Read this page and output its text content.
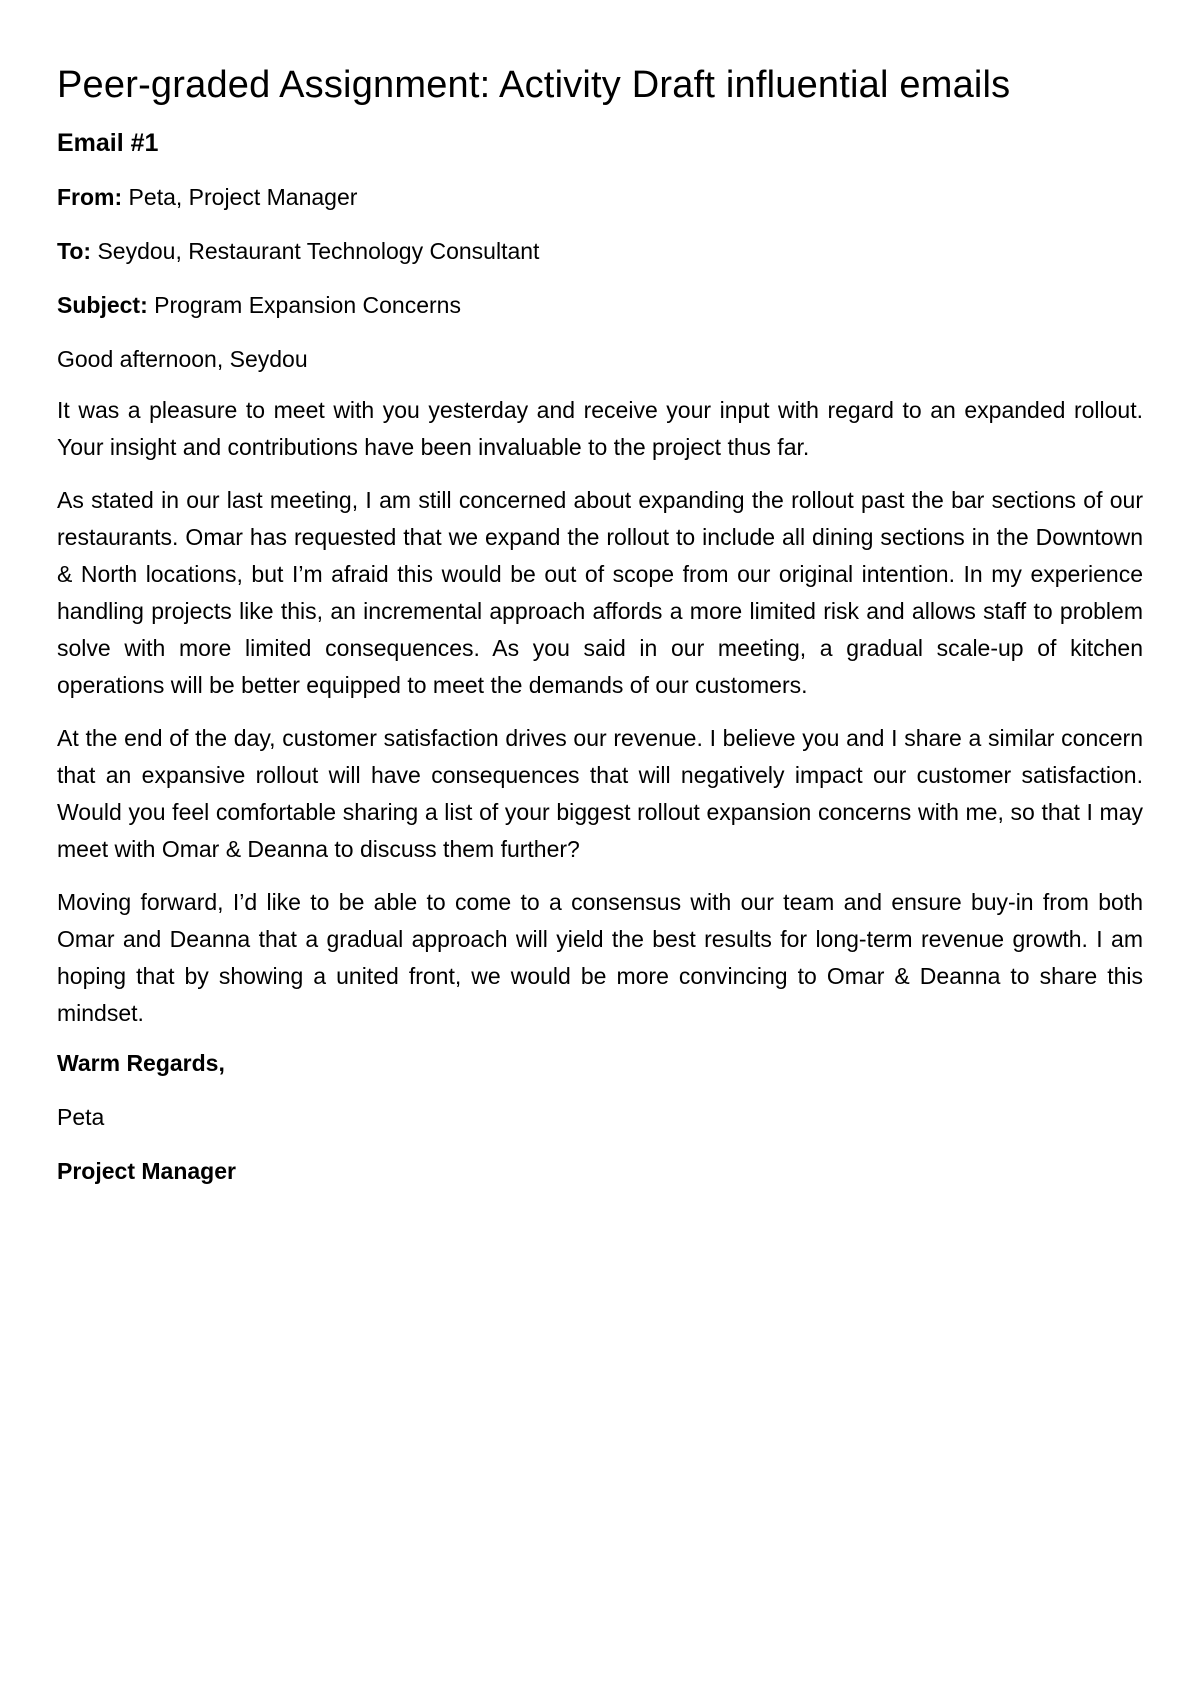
Peer-graded Assignment: Activity Draft influential emails
Email #1

From: Peta, Project Manager

To: Seydou, Restaurant Technology Consultant

Subject: Program Expansion Concerns

Good afternoon, Seydou

It was a pleasure to meet with you yesterday and receive your input with regard to an expanded rollout. Your insight and contributions have been invaluable to the project thus far.

As stated in our last meeting, I am still concerned about expanding the rollout past the bar sections of our restaurants. Omar has requested that we expand the rollout to include all dining sections in the Downtown & North locations, but I’m afraid this would be out of scope from our original intention. In my experience handling projects like this, an incremental approach affords a more limited risk and allows staff to problem solve with more limited consequences. As you said in our meeting, a gradual scale-up of kitchen operations will be better equipped to meet the demands of our customers.

At the end of the day, customer satisfaction drives our revenue. I believe you and I share a similar concern that an expansive rollout will have consequences that will negatively impact our customer satisfaction. Would you feel comfortable sharing a list of your biggest rollout expansion concerns with me, so that I may meet with Omar & Deanna to discuss them further?

Moving forward, I’d like to be able to come to a consensus with our team and ensure buy-in from both Omar and Deanna that a gradual approach will yield the best results for long-term revenue growth. I am hoping that by showing a united front, we would be more convincing to Omar & Deanna to share this mindset.

Warm Regards,

Peta

Project Manager
